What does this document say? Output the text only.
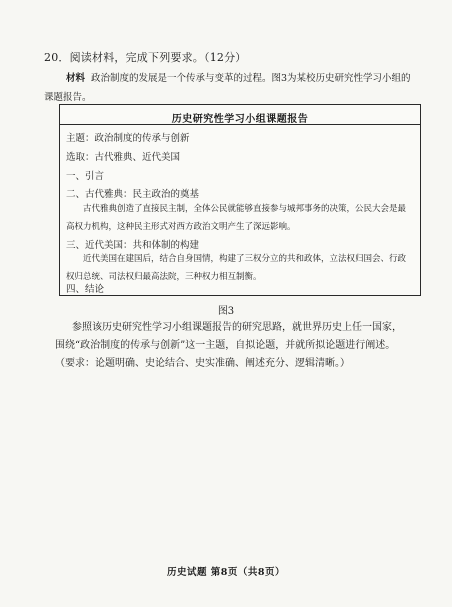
20．阅读材料，完成下列要求。（12分）
材料 政治制度的发展是一个传承与变革的过程。图3为某校历史研究性学习小组的课题报告。
历史研究性学习小组课题报告
主题：政治制度的传承与创新
选取：古代雅典、近代美国
一、引言
二、古代雅典：民主政治的奠基
古代雅典创造了直接民主制，全体公民就能够直接参与城邦事务的决策，公民大会是最高权力机构，这种民主形式对西方政治文明产生了深远影响。
三、近代美国：共和体制的构建
近代美国在建国后，结合自身国情，构建了三权分立的共和政体，立法权归国会、行政权归总统、司法权归最高法院，三种权力相互制衡。
四、结论
图3
参照该历史研究性学习小组课题报告的研究思路，就世界历史上任一国家，围绕“政治制度的传承与创新”这一主题，自拟论题，并就所拟论题进行阐述。（要求：论题明确、史论结合、史实准确、阐述充分、逻辑清晰。）
历史试题 第8页（共8页）
